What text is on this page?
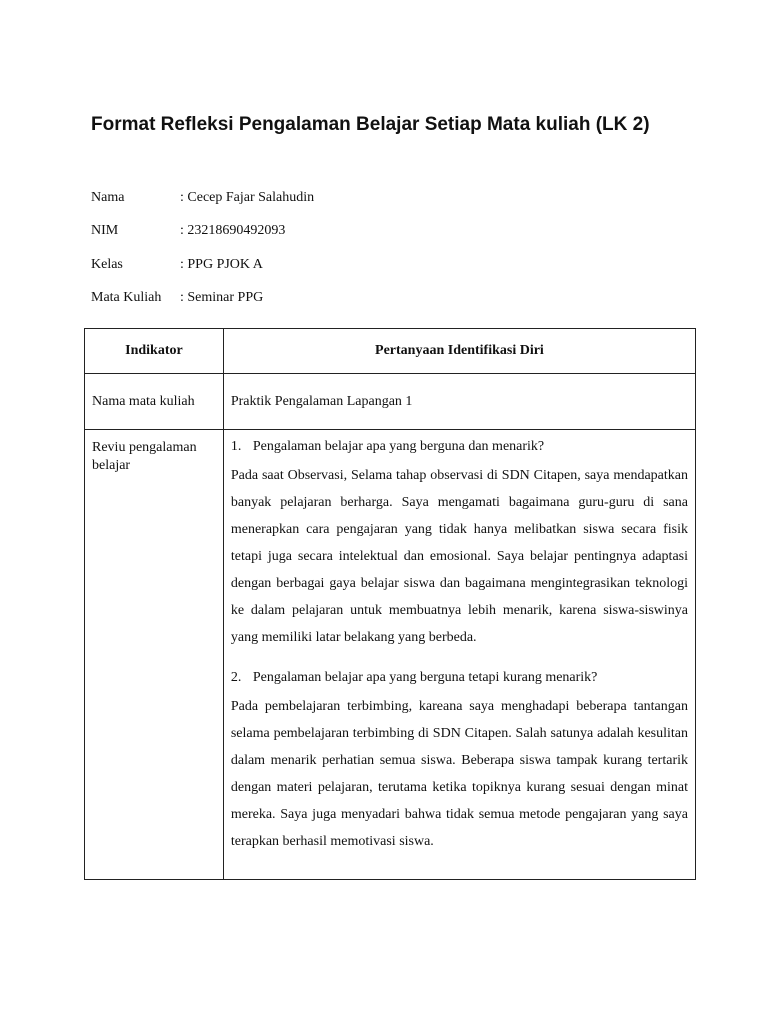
Format Refleksi Pengalaman Belajar Setiap Mata kuliah (LK 2)
Nama	: Cecep Fajar Salahudin
NIM	: 23218690492093
Kelas	: PPG PJOK A
Mata Kuliah	: Seminar PPG
Indikator	Pertanyaan Identifikasi Diri
Nama mata kuliah	Praktik Pengalaman Lapangan 1
Reviu pengalaman belajar	1. Pengalaman belajar apa yang berguna dan menarik?
Pada saat Observasi, Selama tahap observasi di SDN Citapen, saya mendapatkan banyak pelajaran berharga. Saya mengamati bagaimana guru-guru di sana menerapkan cara pengajaran yang tidak hanya melibatkan siswa secara fisik tetapi juga secara intelektual dan emosional. Saya belajar pentingnya adaptasi dengan berbagai gaya belajar siswa dan bagaimana mengintegrasikan teknologi ke dalam pelajaran untuk membuatnya lebih menarik, karena siswa-siswinya yang memiliki latar belakang yang berbeda.
2. Pengalaman belajar apa yang berguna tetapi kurang menarik?
Pada pembelajaran terbimbing, kareana saya menghadapi beberapa tantangan selama pembelajaran terbimbing di SDN Citapen. Salah satunya adalah kesulitan dalam menarik perhatian semua siswa. Beberapa siswa tampak kurang tertarik dengan materi pelajaran, terutama ketika topiknya kurang sesuai dengan minat mereka. Saya juga menyadari bahwa tidak semua metode pengajaran yang saya terapkan berhasil memotivasi siswa.
